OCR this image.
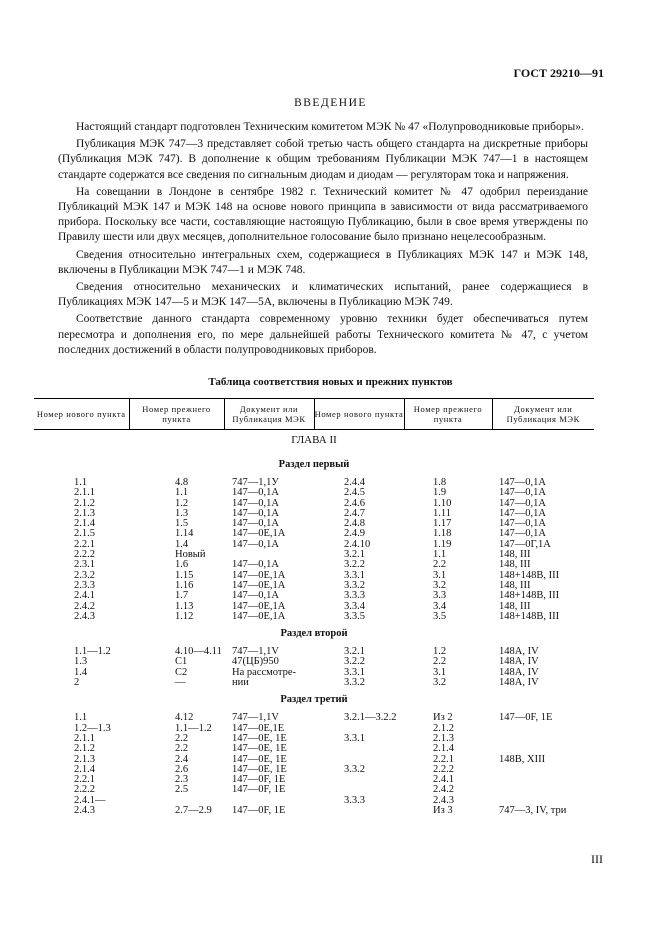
ГОСТ 29210—91
ВВЕДЕНИЕ

Настоящий стандарт подготовлен Техническим комитетом МЭК № 47 «Полупроводниковые приборы».

Публикация МЭК 747—3 представляет собой третью часть общего стандарта на дискретные приборы (Публикация МЭК 747). В дополнение к общим требованиям Публикации МЭК 747—1 в настоящем стандарте содержатся все сведения по сигнальным диодам и диодам — регуляторам тока и напряжения.

На совещании в Лондоне в сентябре 1982 г. Технический комитет № 47 одобрил переиздание Публикаций МЭК 147 и МЭК 148 на основе нового принципа в зависимости от вида рассматриваемого прибора. Поскольку все части, составляющие настоящую Публикацию, были в свое время утверждены по Правилу шести или двух месяцев, дополнительное голосование было признано нецелесообразным.

Сведения относительно интегральных схем, содержащиеся в Публикациях МЭК 147 и МЭК 148, включены в Публикации МЭК 747—1 и МЭК 748.

Сведения относительно механических и климатических испытаний, ранее содержащиеся в Публикациях МЭК 147—5 и МЭК 147—5А, включены в Публикацию МЭК 749.

Соответствие данного стандарта современному уровню техники будет обеспечиваться путем пересмотра и дополнения его, по мере дальнейшей работы Технического комитета № 47, с учетом последних достижений в области полупроводниковых приборов.

Таблица соответствия новых и прежних пунктов
Номер нового пункта	Номер прежнего пункта	Документ или Публикация МЭК	Номер нового пункта	Номер прежнего пункта	Документ или Публикация МЭК
ГЛАВА II
Раздел первый
1.1	4.8	747—1,1У	2.4.4	1.8	147—0,1А
2.1.1	1.1	147—0,1А	2.4.5	1.9	147—0,1А
2.1.2	1.2	147—0,1А	2.4.6	1.10	147—0,1А
2.1.3	1.3	147—0,1А	2.4.7	1.11	147—0,1А
2.1.4	1.5	147—0,1А	2.4.8	1.17	147—0,1А
2.1.5	1.14	147—0Е,1А	2.4.9	1.18	147—0,1А
2.2.1	1.4	147—0,1А	2.4.10	1.19	147—0Г,1А
2.2.2	Новый		3.2.1	1.1	148, III
2.3.1	1.6	147—0,1А	3.2.2	2.2	148, III
2.3.2	1.15	147—0Е,1А	3.3.1	3.1	148+148В, III
2.3.3	1.16	147—0Е,1А	3.3.2	3.2	148, III
2.4.1	1.7	147—0,1А	3.3.3	3.3	148+148В, III
2.4.2	1.13	147—0Е,1А	3.3.4	3.4	148, III
2.4.3	1.12	147—0Е,1А	3.3.5	3.5	148+148В, III
Раздел второй
1.1—1.2	4.10—4.11	747—1,1V	3.2.1	1.2	148А, IV
1.3	С1	47(ЦБ)950	3.2.2	2.2	148А, IV
1.4	С2	На рассмотре-	3.3.1	3.1	148А, IV
2	—	нии	3.3.2	3.2	148А, IV
Раздел третий
1.1	4.12	747—1,1V	3.2.1—3.2.2	Из 2	147—0F, 1Е
1.2—1.3	1.1—1.2	147—0Е,1Е		2.1.2	
2.1.1	2.2	147—0Е, 1Е	3.3.1	2.1.3	
2.1.2	2.2	147—0Е, 1Е		2.1.4	
2.1.3	2.4	147—0Е, 1Е		2.2.1	148В, XIII
2.1.4	2.6	147—0Е, 1Е	3.3.2	2.2.2	
2.2.1	2.3	147—0F, 1Е		2.4.1	
2.2.2	2.5	147—0F, 1Е		2.4.2	
2.4.1—			3.3.3	2.4.3	
2.4.3	2.7—2.9	147—0F, 1Е		Из 3	747—3, IV, три
III
